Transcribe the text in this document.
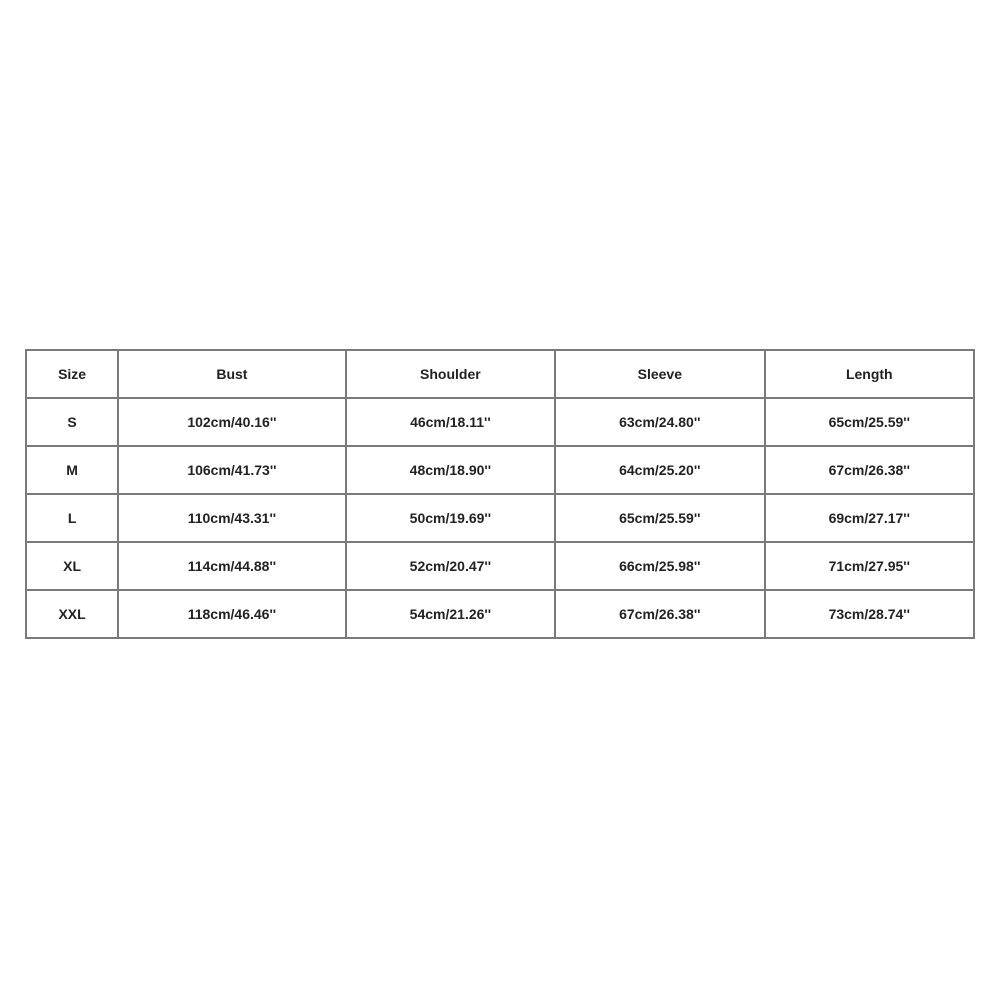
Size	Bust	Shoulder	Sleeve	Length
S	102cm/40.16''	46cm/18.11''	63cm/24.80''	65cm/25.59''
M	106cm/41.73''	48cm/18.90''	64cm/25.20''	67cm/26.38''
L	110cm/43.31''	50cm/19.69''	65cm/25.59''	69cm/27.17''
XL	114cm/44.88''	52cm/20.47''	66cm/25.98''	71cm/27.95''
XXL	118cm/46.46''	54cm/21.26''	67cm/26.38''	73cm/28.74''
